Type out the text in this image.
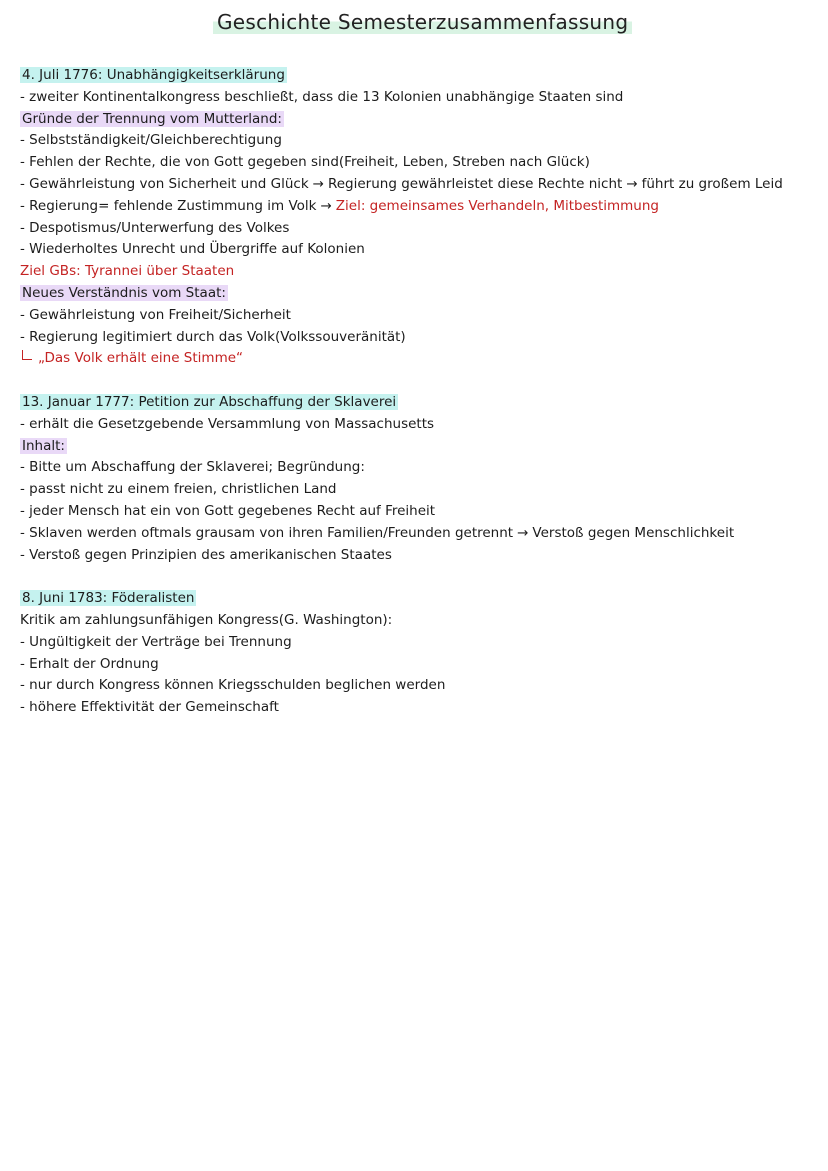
Geschichte Semesterzusammenfassung
4. Juli 1776: Unabhängigkeitserklärung
- zweiter Kontinentalkongress beschließt, dass die 13 Kolonien unabhängige Staaten sind
Gründe der Trennung vom Mutterland:
- Selbstständigkeit/Gleichberechtigung
- Fehlen der Rechte, die von Gott gegeben sind(Freiheit, Leben, Streben nach Glück)
- Gewährleistung von Sicherheit und Glück → Regierung gewährleistet diese Rechte nicht → führt zu großem Leid
- Regierung= fehlende Zustimmung im Volk → Ziel: gemeinsames Verhandeln, Mitbestimmung
- Despotismus/Unterwerfung des Volkes
- Wiederholtes Unrecht und Übergriffe auf Kolonien
Ziel GBs: Tyrannei über Staaten
Neues Verständnis vom Staat:
- Gewährleistung von Freiheit/Sicherheit
- Regierung legitimiert durch das Volk(Volkssouveränität)
„Das Volk erhält eine Stimme“
13. Januar 1777: Petition zur Abschaffung der Sklaverei
- erhält die Gesetzgebende Versammlung von Massachusetts
Inhalt:
- Bitte um Abschaffung der Sklaverei; Begründung:
- passt nicht zu einem freien, christlichen Land
- jeder Mensch hat ein von Gott gegebenes Recht auf Freiheit
- Sklaven werden oftmals grausam von ihren Familien/Freunden getrennt → Verstoß gegen Menschlichkeit
- Verstoß gegen Prinzipien des amerikanischen Staates
8. Juni 1783: Föderalisten
Kritik am zahlungsunfähigen Kongress(G. Washington):
- Ungültigkeit der Verträge bei Trennung
- Erhalt der Ordnung
- nur durch Kongress können Kriegsschulden beglichen werden
- höhere Effektivität der Gemeinschaft
